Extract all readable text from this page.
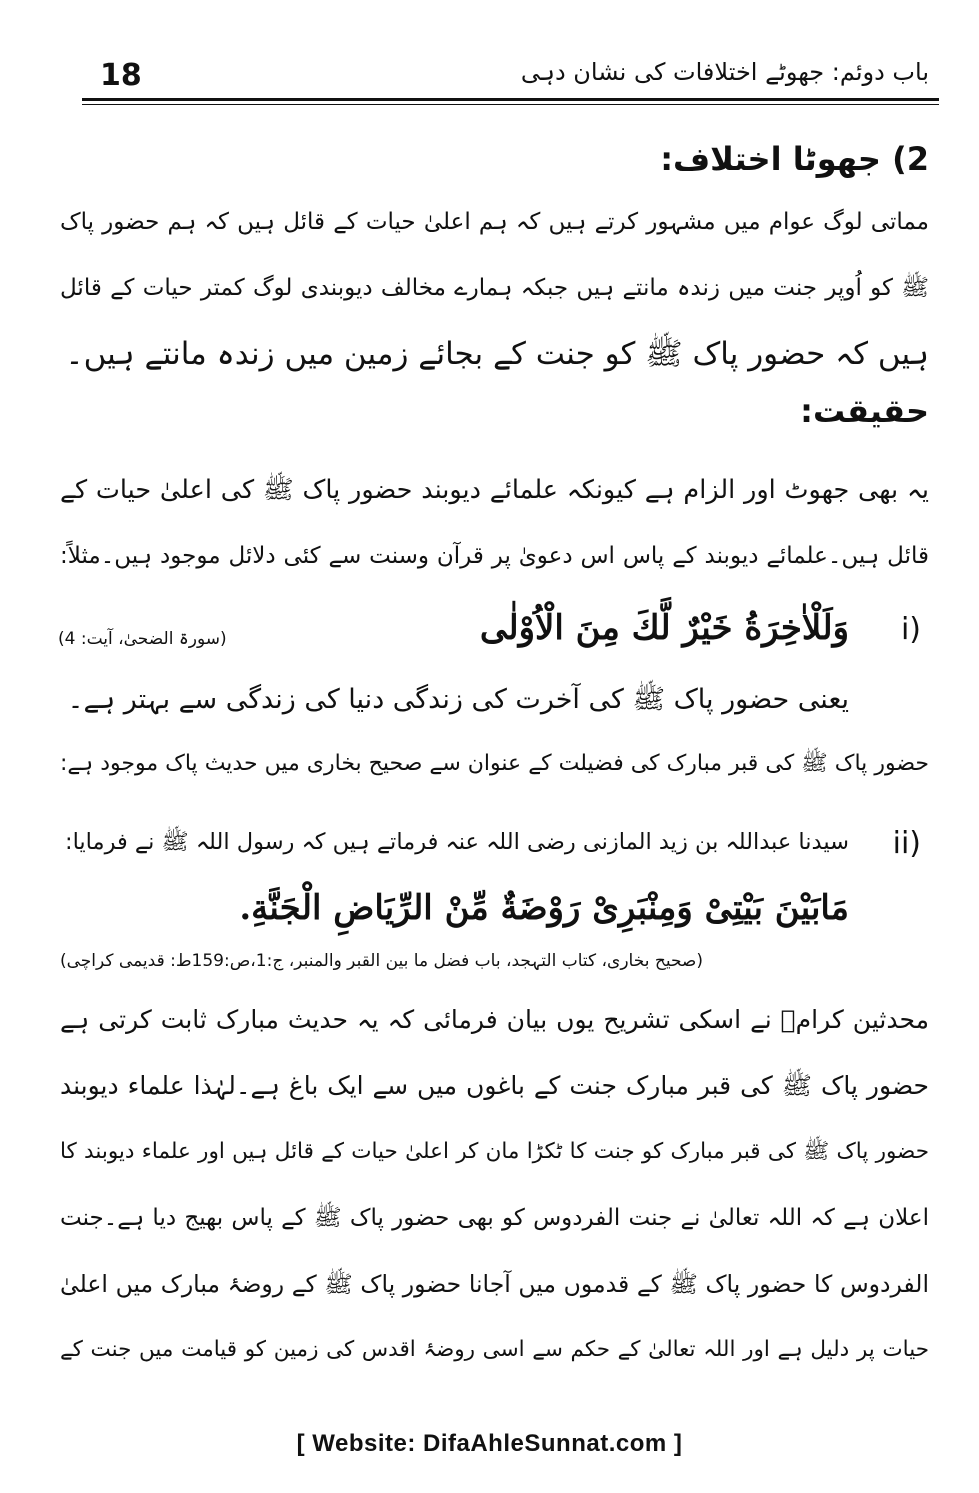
18	باب دوئم: جھوٹے اختلافات کی نشان دہی
2) جھوٹا اختلاف:
مماتی لوگ عوام میں مشہور کرتے ہیں کہ ہم اعلیٰ حیات کے قائل ہیں کہ ہم حضور پاک
ﷺ کو اُوپر جنت میں زندہ مانتے ہیں جبکہ ہمارے مخالف دیوبندی لوگ کمتر حیات کے قائل
ہیں کہ حضور پاک ﷺ کو جنت کے بجائے زمین میں زندہ مانتے ہیں۔
حقیقت:
یہ بھی جھوٹ اور الزام ہے کیونکہ علمائے دیوبند حضور پاک ﷺ کی اعلیٰ حیات کے
قائل ہیں۔علمائے دیوبند کے پاس اس دعویٰ پر قرآن وسنت سے کئی دلائل موجود ہیں۔مثلاً:
i)
وَلَلْاٰخِرَةُ خَيْرٌ لَّكَ مِنَ الْاُوْلٰى
(سورۃ الضحیٰ، آیت: 4)
یعنی حضور پاک ﷺ کی آخرت کی زندگی دنیا کی زندگی سے بہتر ہے۔
حضور پاک ﷺ کی قبر مبارک کی فضیلت کے عنوان سے صحیح بخاری میں حدیث پاک موجود ہے:
ii)
سیدنا عبداللہ بن زید المازنی رضی اللہ عنہ فرماتے ہیں کہ رسول اللہ ﷺ نے فرمایا:
مَابَيْنَ بَيْتِىْ وَمِنْبَرِىْ رَوْضَةٌ مِّنْ الرِّيَاضِ الْجَنَّةِ.
(صحیح بخاری، کتاب التہجد، باب فضل ما بین القبر والمنبر، ج:1،ص:159ط: قدیمی کراچی)
محدثین کرامؒ نے اسکی تشریح یوں بیان فرمائی کہ یہ حدیث مبارک ثابت کرتی ہے
حضور پاک ﷺ کی قبر مبارک جنت کے باغوں میں سے ایک باغ ہے۔لہٰذا علماء دیوبند
حضور پاک ﷺ کی قبر مبارک کو جنت کا ٹکڑا مان کر اعلیٰ حیات کے قائل ہیں اور علماء دیوبند کا
اعلان ہے کہ اللہ تعالیٰ نے جنت الفردوس کو بھی حضور پاک ﷺ کے پاس بھیج دیا ہے۔جنت
الفردوس کا حضور پاک ﷺ کے قدموں میں آجانا حضور پاک ﷺ کے روضۂ مبارک میں اعلیٰ
حیات پر دلیل ہے اور اللہ تعالیٰ کے حکم سے اسی روضۂ اقدس کی زمین کو قیامت میں جنت کے
[ Website: DifaAhleSunnat.com ]
